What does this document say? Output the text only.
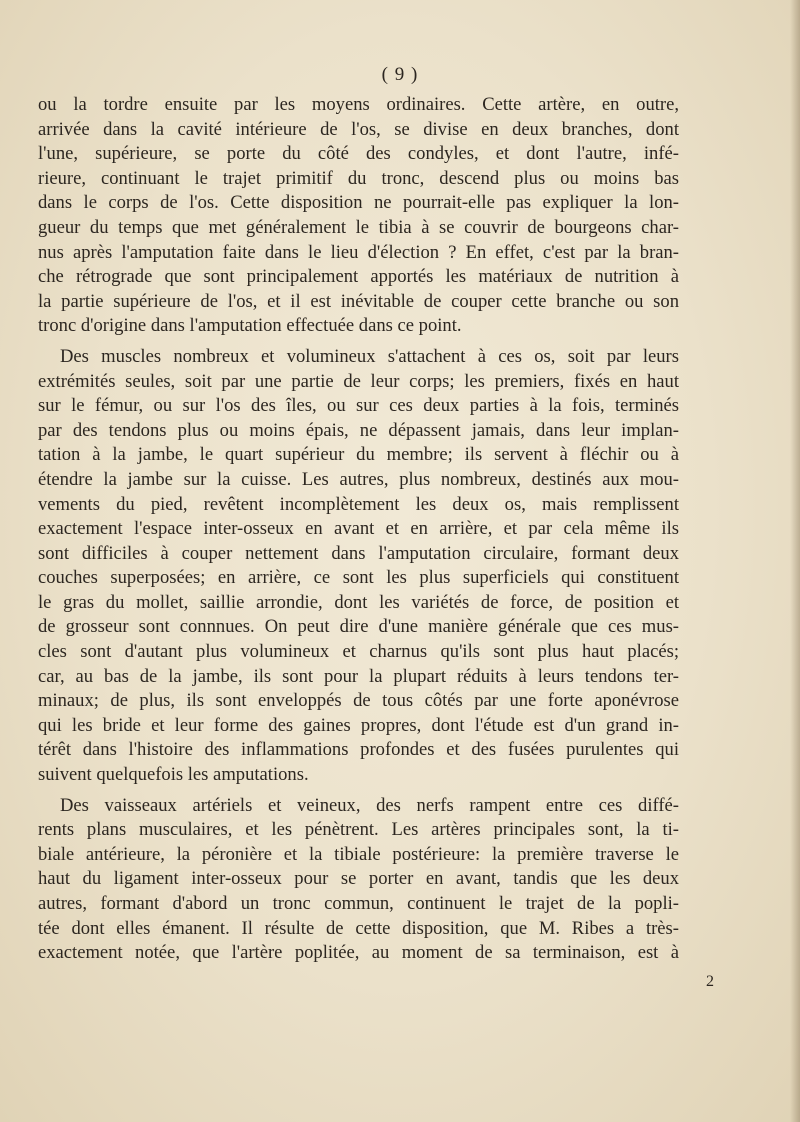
( 9 )
ou la tordre ensuite par les moyens ordinaires. Cette artère, en outre,
arrivée dans la cavité intérieure de l'os, se divise en deux branches, dont
l'une, supérieure, se porte du côté des condyles, et dont l'autre, infé-
rieure, continuant le trajet primitif du tronc, descend plus ou moins bas
dans le corps de l'os. Cette disposition ne pourrait-elle pas expliquer la lon-
gueur du temps que met généralement le tibia à se couvrir de bourgeons char-
nus après l'amputation faite dans le lieu d'élection ? En effet, c'est par la bran-
che rétrograde que sont principalement apportés les matériaux de nutrition à
la partie supérieure de l'os, et il est inévitable de couper cette branche ou son
tronc d'origine dans l'amputation effectuée dans ce point.
Des muscles nombreux et volumineux s'attachent à ces os, soit par leurs
extrémités seules, soit par une partie de leur corps; les premiers, fixés en haut
sur le fémur, ou sur l'os des îles, ou sur ces deux parties à la fois, terminés
par des tendons plus ou moins épais, ne dépassent jamais, dans leur implan-
tation à la jambe, le quart supérieur du membre; ils servent à fléchir ou à
étendre la jambe sur la cuisse. Les autres, plus nombreux, destinés aux mou-
vements du pied, revêtent incomplètement les deux os, mais remplissent
exactement l'espace inter-osseux en avant et en arrière, et par cela même ils
sont difficiles à couper nettement dans l'amputation circulaire, formant deux
couches superposées; en arrière, ce sont les plus superficiels qui constituent
le gras du mollet, saillie arrondie, dont les variétés de force, de position et
de grosseur sont connnues. On peut dire d'une manière générale que ces mus-
cles sont d'autant plus volumineux et charnus qu'ils sont plus haut placés;
car, au bas de la jambe, ils sont pour la plupart réduits à leurs tendons ter-
minaux; de plus, ils sont enveloppés de tous côtés par une forte aponévrose
qui les bride et leur forme des gaines propres, dont l'étude est d'un grand in-
térêt dans l'histoire des inflammations profondes et des fusées purulentes qui
suivent quelquefois les amputations.
Des vaisseaux artériels et veineux, des nerfs rampent entre ces diffé-
rents plans musculaires, et les pénètrent. Les artères principales sont, la ti-
biale antérieure, la péronière et la tibiale postérieure: la première traverse le
haut du ligament inter-osseux pour se porter en avant, tandis que les deux
autres, formant d'abord un tronc commun, continuent le trajet de la popli-
tée dont elles émanent. Il résulte de cette disposition, que M. Ribes a très-
exactement notée, que l'artère poplitée, au moment de sa terminaison, est à
2
